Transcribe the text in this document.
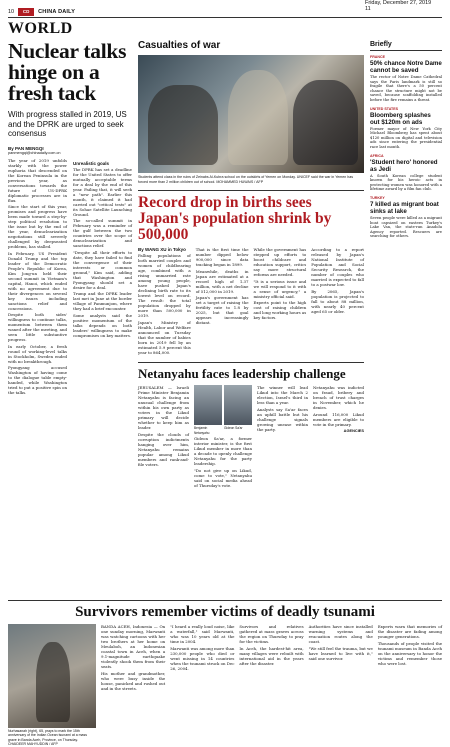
10	CD	CHINA DAILY
Friday, December 27, 2019 11
WORLD
Nuclear talks hinge on a fresh tack
With progress stalled in 2019, US and the DPRK are urged to seek consensus
By PAN MENGQI
panmengqi@chinadaily.com.cn

The year of 2019 unfolds starkly with the power euphoria that descended on the Korean Peninsula in the previous year, as conversations towards the future of US-DPRK diplomatic processes are in flux.

Since the start of this year, promises and progress have been made toward a step-by-step political resolution to the issue but by the end of the year, denuclearization negotiations still severely challenged by deepseated problems, has stalled.

In February, US President Donald Trump and the top leader of the Democratic People's Republic of Korea, Kim Jong-un held their second summit in Vietnam's capital, Hanoi, which ended with no agreement due to their divergences on several key issues including sanctions relief and concessions.

Despite both sides' willingness to continue talks, momentum between them waned after the meeting, and seen little substantive progress.

In early October, a fresh round of working-level talks in Stockholm, Sweden ended with no breakthrough.

Pyongyang accused Washington of having come to the dialogue table empty-handed, while Washington tried to put a positive spin on the talks.

Unrealistic goals

The DPRK has set a deadline for the United States to offer mutually acceptable terms for a deal by the end of this year. Failing that, it will seek a "new path". Earlier this month, it claimed it had carried out "critical tests" at its Sohae Satellite Launching Ground.

The so-called summit in February was a reminder of the gulf between the two countries over the scope of denuclearization and sanctions relief.

"Despite all their efforts to date, they have failed to find the convergence of their interests or common ground," Kim said, adding that Washington and Pyongyang should set a desire for a deal.

Trump and the DPRK leader last met in June at the border village of Panmunjom, where they had a brief encounter.

Some analysts said the positive momentum of the talks depends on both leaders' willingness to make compromises on key matters.

Casualties of war
Students attend class in the ruins of Zeinabs Al-Kubra school on the outskirts of Yemen on Monday. UNICEF said the war in Yemen has forced more than 2 million children out of school. MOHAMMED HUWAIS / AFP
Record drop in births sees Japan's population shrink by 500,000
By WANG XU in Tokyo

Falling populations of both married couples and women of childbearing age, combined with a rising unmarried rate among young people, have pushed Japan's declining birth rate to its lowest level on record. The result: the total population dropped by more than 500,000 in 2019.

Japan's Ministry of Health, Labor and Welfare announced on Tuesday that the number of babies born in 2019 fell by an estimated 5.9 percent this year to 864,000.

That is the first time the number dipped below 900,000 since data tracking began in 1899.

Meanwhile, deaths in Japan are estimated at a record high of 1.37 million, with a net decline of 512,000 in 2019.

Japan's government has set a target of raising the fertility rate to 1.8 by 2025, but that goal appears increasingly distant.

While the government has stepped up efforts to boost childcare and education support, critics say more structural reforms are needed.

"It is a serious issue and we will respond to it with a sense of urgency," a ministry official said.

Experts point to the high cost of raising children and long working hours as key factors.

According to a report released by Japan's National Institute of Population and Social Security Research, the number of couples who married is expected to fall to a postwar low.

By 2065, Japan's population is projected to fall to about 88 million, with nearly 40 percent aged 65 or older.

Netanyahu faces leadership challenge

JERUSALEM — Israeli Prime Minister Benjamin Netanyahu is facing an unusual challenge from within his own party as voters in the Likud primary will decide whether to keep him as leader.

Despite the clouds of corruption indictments hanging over him, Netanyahu remains popular among Likud members and rank-and-file voters.

Benjamin Netanyahu
Gideon Sa'ar

Gideon Sa'ar, a former interior minister, is the first Likud member in more than a decade to openly challenge Netanyahu for the party leadership.

"Do not give up on Likud, come to vote," Netanyahu said on social media ahead of Thursday's vote.

The winner will lead Likud into the March 2 election, Israel's third in less than a year.

Analysts say Sa'ar faces an uphill battle but his challenge signals growing unease within the party.

Netanyahu was indicted on fraud, bribery and breach of trust charges in November, which he denies.

Around 116,000 Likud members are eligible to vote in the primary.

AGENCIES

Briefly
FRANCE
50% chance Notre Dame cannot be saved
The rector of Notre Dame Cathedral says the Paris landmark is still so fragile that there's a 50 percent chance the structure might not be saved, because scaffolding installed before the fire remains a threat.
UNITED STATES
Bloomberg splashes out $120m on ads
Former mayor of New York City Michael Bloomberg has spent about $120 million on digital and television ads since entering the presidential race last month.
AFRICA
'Student hero' honored as Jedi
A South Korean college student known for his heroic acts in protecting women was honored with a lifetime award by a film fan club.
TURKEY
7 killed as migrant boat sinks at lake
Seven people were killed as a migrant boat capsized on eastern Turkey's Lake Van, the state-run Anadolu Agency reported. Rescuers are searching for others.
Survivors remember victims of deadly tsunami
Nurhasanah (right), 65, prays to mark the 15th anniversary of the Indian Ocean tsunami at a mass grave in Banda Aceh, Province, on Thursday. CHAIDEER MAHYUDDIN / AFP

BANDA ACEH, Indonesia — On one sunday morning, Marwanti was watching cartoons with her two brothers at her home on Meulaboh, an Indonesian coastal town in Aceh, when a 9.1-magnitude earthquake violently shook them from their seats.

His mother and grandmother, who were busy inside the house, panicked and rushed out and in the streets.

"I heard a really loud noise, like a waterfall," said Marwanti, who was 10 years old at the time in 2004.

Marwanti was among more than 230,000 people who died or went missing in 14 countries when the tsunami struck on Dec 26, 2004.

Survivors and relatives gathered at mass graves across the region on Thursday to pray for the victims.

In Aceh, the hardest-hit area, many villages were rebuilt with international aid in the years after the disaster.

Authorities have since installed warning systems and evacuation routes along the coast.

"We still feel the trauma, but we have learned to live with it," said one survivor.

Experts warn that memories of the disaster are fading among younger generations.

Thousands of people visited the tsunami museum in Banda Aceh on the anniversary to honor the victims and remember those who were lost.
